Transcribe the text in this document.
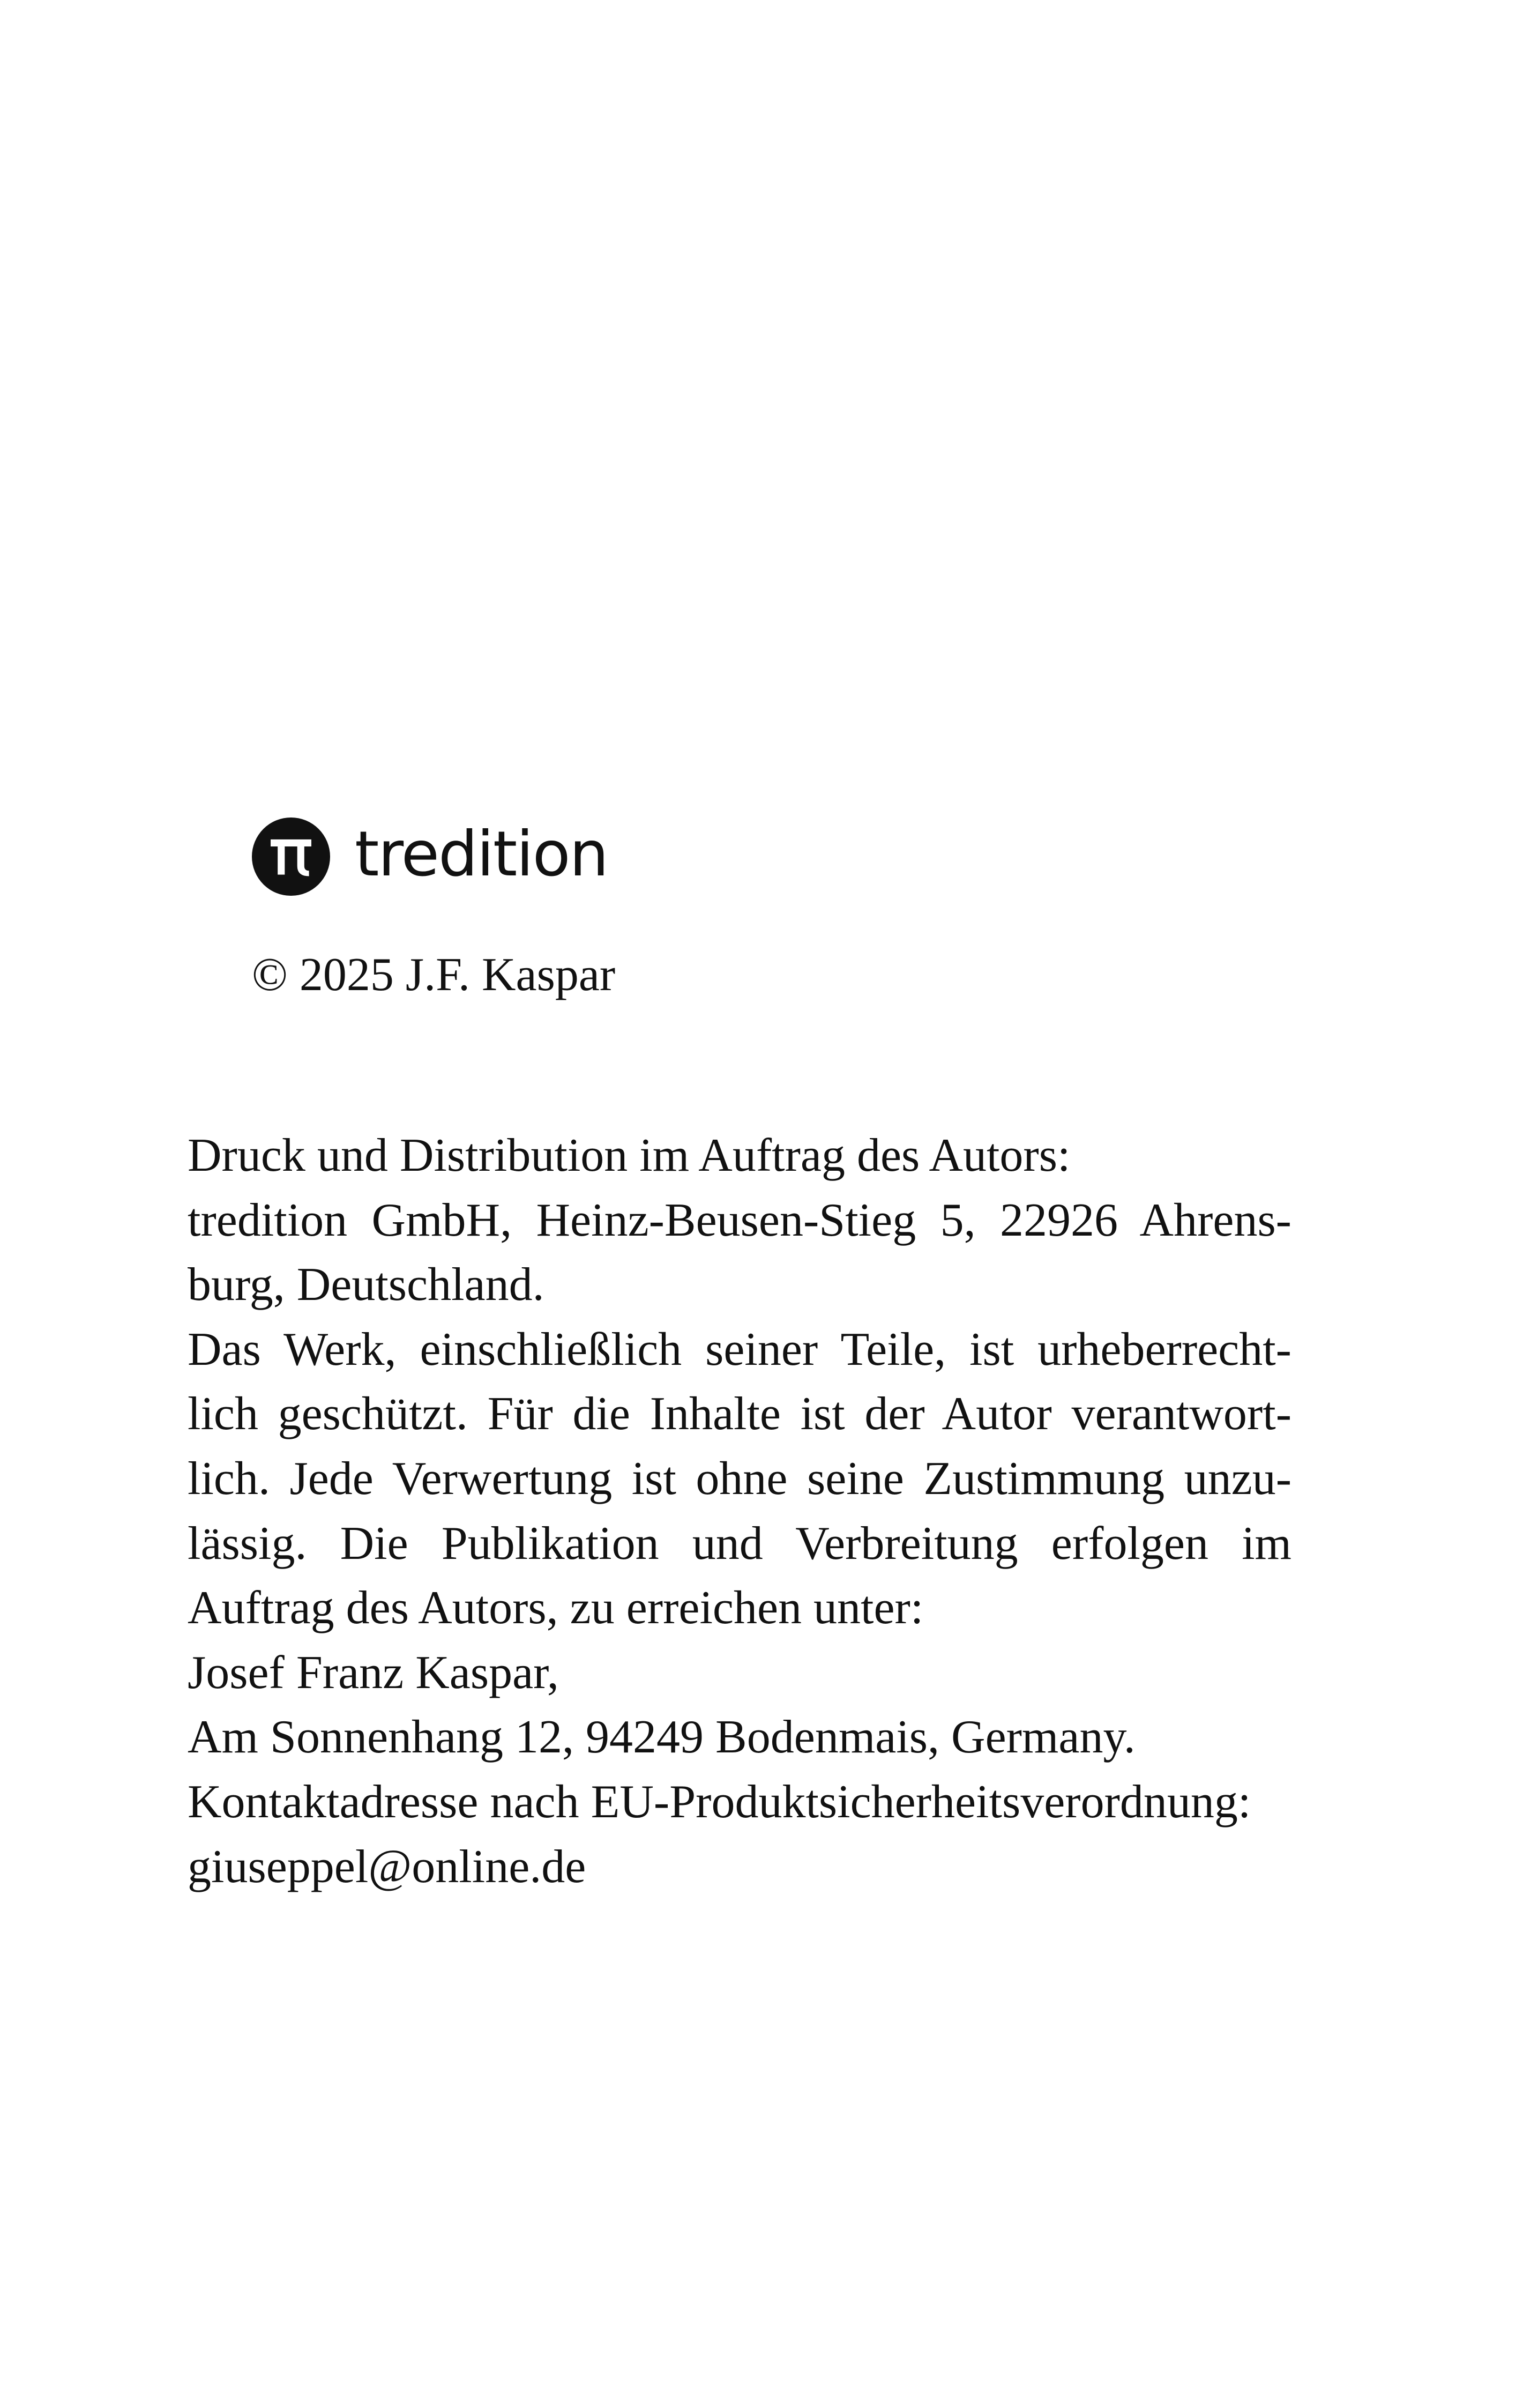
tredition
© 2025 J.F. Kaspar
Druck und Distribution im Auftrag des Autors:
tredition GmbH, Heinz-Beusen-Stieg 5, 22926 Ahrens-
burg, Deutschland.
Das Werk, einschließlich seiner Teile, ist urheberrecht-
lich geschützt. Für die Inhalte ist der Autor verantwort-
lich. Jede Verwertung ist ohne seine Zustimmung unzu-
lässig. Die Publikation und Verbreitung erfolgen im
Auftrag des Autors, zu erreichen unter:
Josef Franz Kaspar,
Am Sonnenhang 12, 94249 Bodenmais, Germany.
Kontaktadresse nach EU-Produktsicherheitsverordnung:
giuseppel@online.de
